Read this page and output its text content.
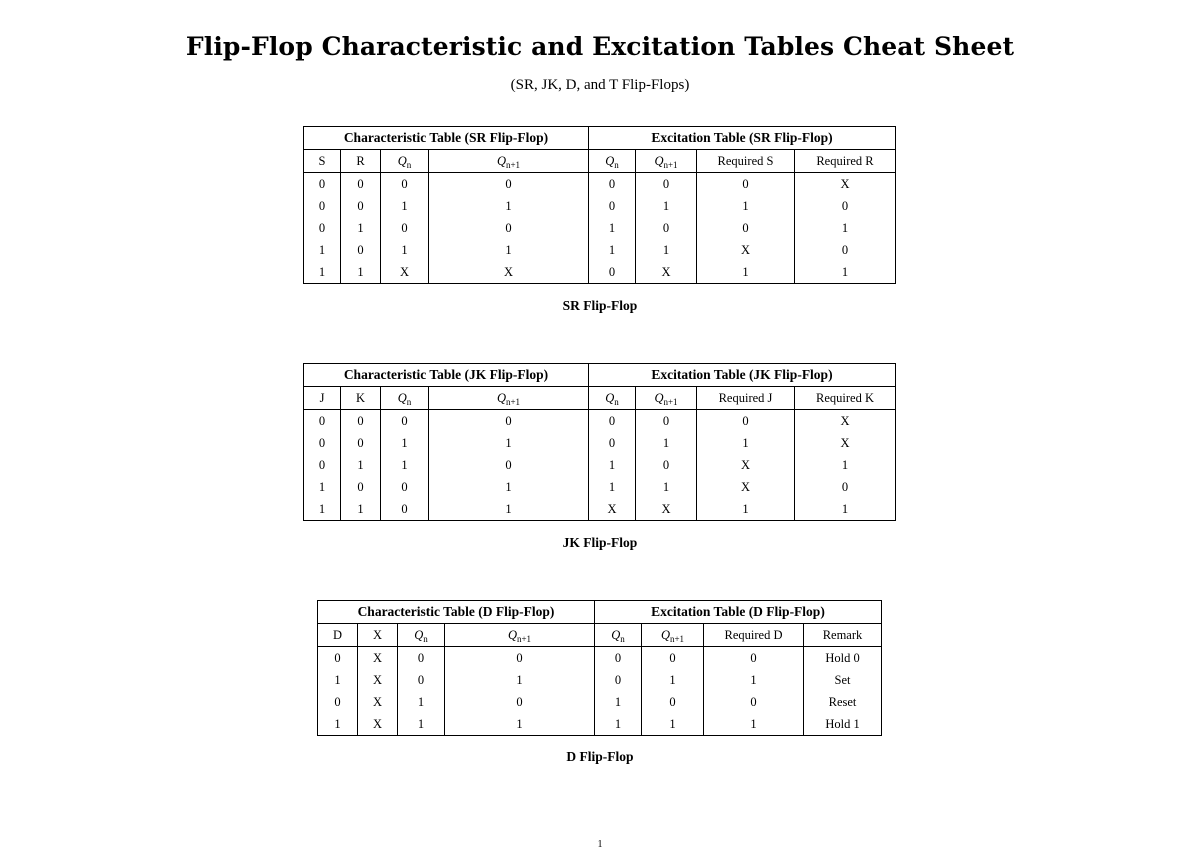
Flip-Flop Characteristic and Excitation Tables Cheat Sheet
(SR, JK, D, and T Flip-Flops)
Characteristic Table (SR Flip-Flop)				Excitation Table (SR Flip-Flop)			
S	R	$Q_n$	$Q_{n+1}$	$Q_n$	$Q_{n+1}$	Required S	Required R
0	0	0	0	0	0	0	X
0	0	1	1	0	1	1	0
0	1	0	0	1	0	0	1
1	0	1	1	1	1	X	0
1	1	X	X	0	X	1	1
SR Flip-Flop
Characteristic Table (JK Flip-Flop)				Excitation Table (JK Flip-Flop)			
J	K	$Q_n$	$Q_{n+1}$	$Q_n$	$Q_{n+1}$	Required J	Required K
0	0	0	0	0	0	0	X
0	0	1	1	0	1	1	X
0	1	1	0	1	0	X	1
1	0	0	1	1	1	X	0
1	1	0	1	X	X	1	1
JK Flip-Flop
Characteristic Table (D Flip-Flop)				Excitation Table (D Flip-Flop)			
D	X	$Q_n$	$Q_{n+1}$	$Q_n$	$Q_{n+1}$	Required D	Remark
0	X	0	0	0	0	0	Hold 0
1	X	0	1	0	1	1	Set
0	X	1	0	1	0	0	Reset
1	X	1	1	1	1	1	Hold 1
D Flip-Flop
1
